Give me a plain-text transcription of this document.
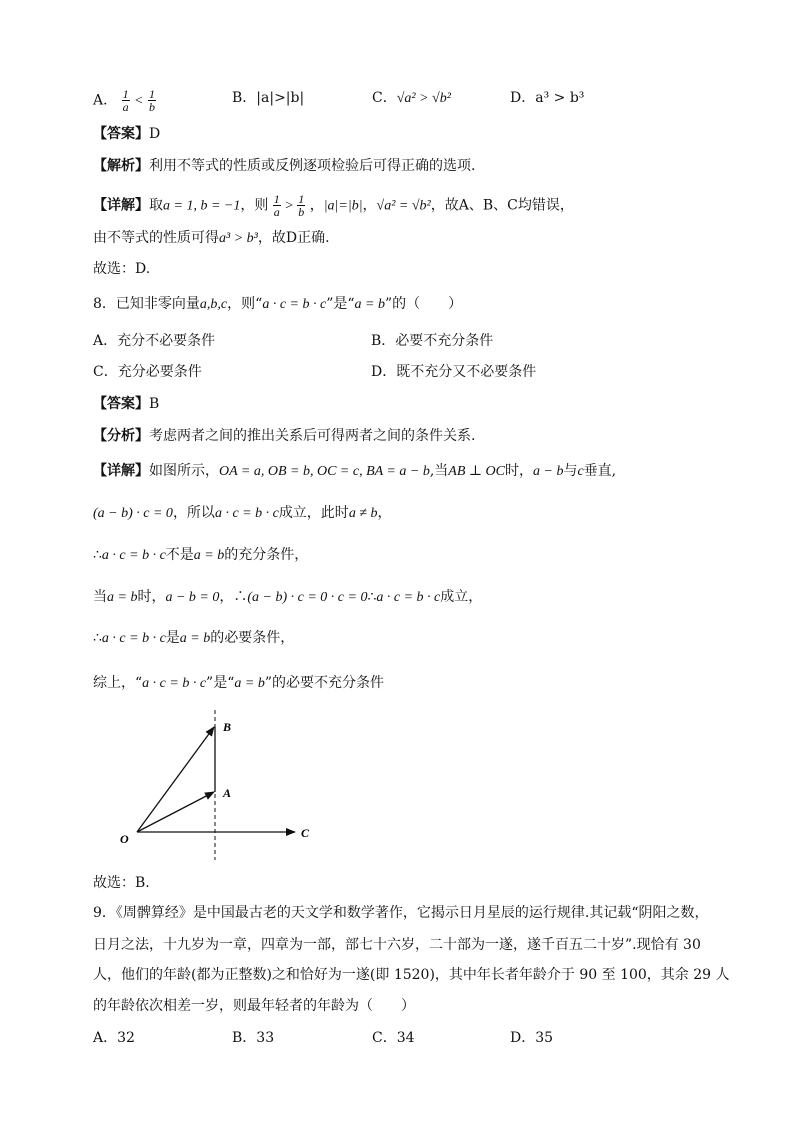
A． $\frac{1}{a} < \frac{1}{b}$	B．|a|>|b|	C．√a² > √b²	D．a³ > b³
【答案】D
【解析】利用不等式的性质或反例逐项检验后可得正确的选项.
【详解】取a = 1, b = −1，则 $\frac{1}{a} > \frac{1}{b}$ ，|a|=|b|，√a² = √b²，故A、B、C均错误，
由不等式的性质可得a³ > b³，故D正确.
故选：D.
8．已知非零向量a,b,c，则“a · c = b · c”是“a = b”的（　　）
A．充分不必要条件	B．必要不充分条件
C．充分必要条件	D．既不充分又不必要条件
【答案】B
【分析】考虑两者之间的推出关系后可得两者之间的条件关系.
【详解】如图所示，OA = a, OB = b, OC = c, BA = a − b,当AB ⊥ OC时，a − b与c垂直,
(a − b) · c = 0，所以a · c = b · c成立，此时a ≠ b，
∴a · c = b · c不是a = b的充分条件，
当a = b时，a − b = 0，∴(a − b) · c = 0 · c = 0∴a · c = b · c成立，
∴a · c = b · c是a = b的必要条件，
综上，“a · c = b · c”是“a = b”的必要不充分条件
O
A
B
C
故选：B.
9．《周髀算经》是中国最古老的天文学和数学著作，它揭示日月星辰的运行规律.其记载“阴阳之数，
日月之法，十九岁为一章，四章为一部，部七十六岁，二十部为一遂，遂千百五二十岁”.现恰有 30
人，他们的年龄(都为正整数)之和恰好为一遂(即 1520)，其中年长者年龄介于 90 至 100，其余 29 人
的年龄依次相差一岁，则最年轻者的年龄为（　　）
A．32	B．33	C．34	D．35
